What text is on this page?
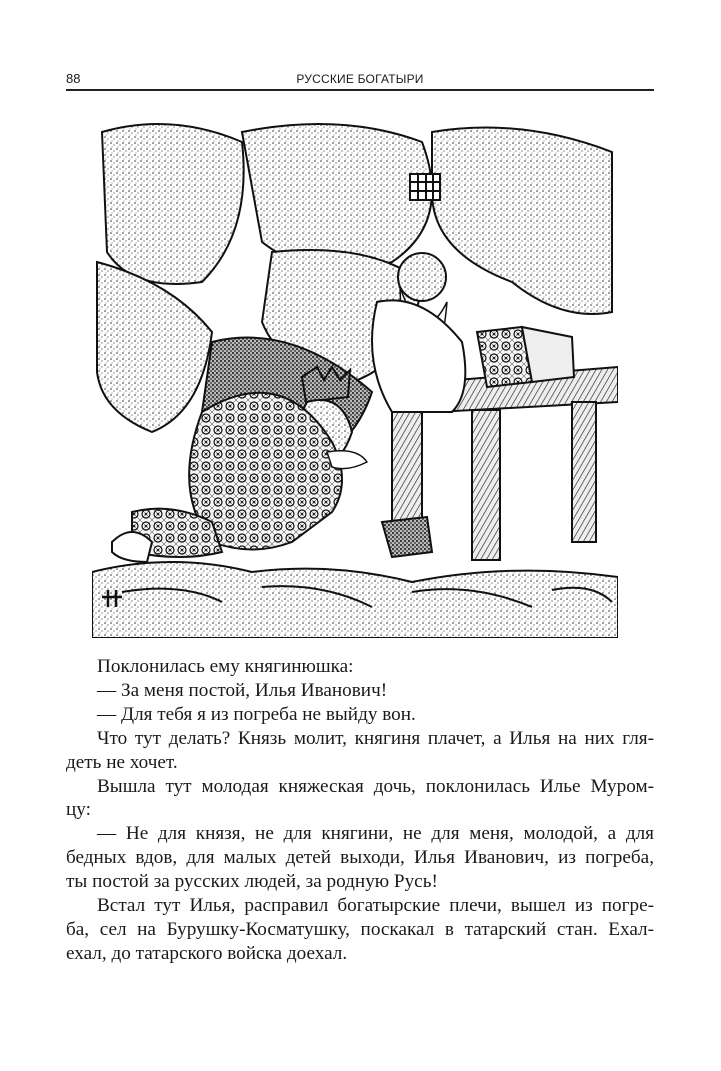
88	РУССКИЕ БОГАТЫРИ

Поклонилась ему княгинюшка:

— За меня постой, Илья Иванович!

— Для тебя я из погреба не выйду вон.

Что тут делать? Князь молит, княгиня плачет, а Илья на них гля-

деть не хочет.

Вышла тут молодая княжеская дочь, поклонилась Илье Муром-

цу:

— Не для князя, не для княгини, не для меня, молодой, а для

бедных вдов, для малых детей выходи, Илья Иванович, из погреба,

ты постой за русских людей, за родную Русь!

Встал тут Илья, расправил богатырские плечи, вышел из погре-

ба, сел на Бурушку-Косматушку, поскакал в татарский стан. Ехал-

ехал, до татарского войска доехал.
